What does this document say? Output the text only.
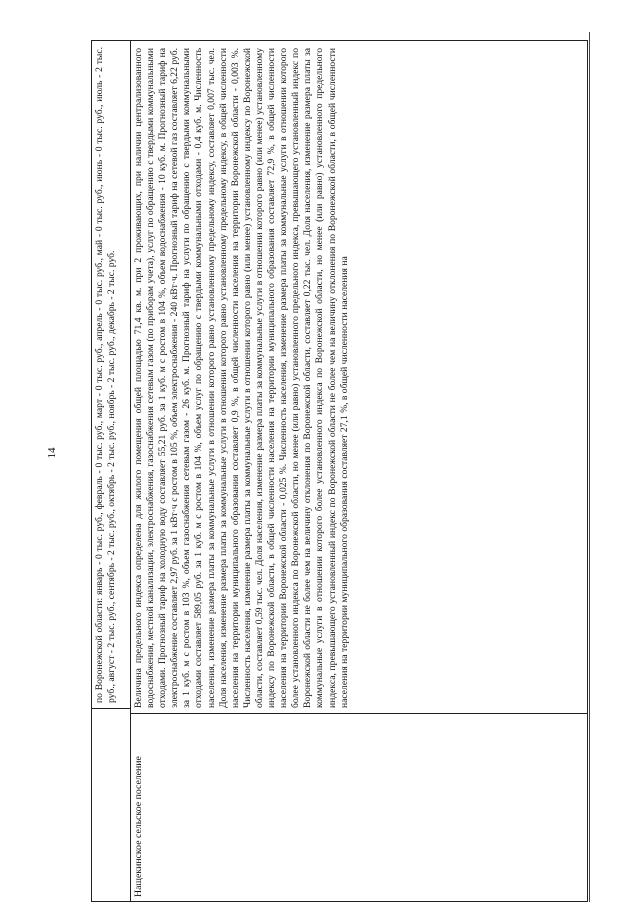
14	по Воронежской области: январь - 0 тыс. руб., февраль - 0 тыс. руб., март - 0 тыс. руб., апрель - 0 тыс. руб., май - 0 тыс. руб., июнь - 0 тыс. руб., июль - 2 тыс. руб., август - 2 тыс. руб., сентябрь - 2 тыс. руб., октябрь - 2 тыс. руб., ноябрь - 2 тыс. руб., декабрь - 2 тыс. руб.
Нащекинское сельское поселение
Величина предельного индекса определена для жилого помещения общей площадью 71,4 кв. м. при 2 проживающих, при наличии централизованного водоснабжения, местной канализации, электроснабжения, газоснабжения сетевым газом (по приборам учета), услуг по обращению с твердыми коммунальными отходами. Прогнозный тариф на холодную воду составляет 55,21 руб. за 1 куб. м с ростом в 104 %, объем водоснабжения - 10 куб. м. Прогнозный тариф на электроснабжение составляет 2,97 руб. за 1 кВт·ч с ростом в 105 %, объем электроснабжения - 240 кВт·ч. Прогнозный тариф на сетевой газ составляет 6,22 руб. за 1 куб. м с ростом в 103 %, объем газоснабжения сетевым газом - 26 куб. м. Прогнозный тариф на услуги по обращению с твердыми коммунальными отходами составляет 589,05 руб. за 1 куб. м с ростом в 104 %, объем услуг по обращению с твердыми коммунальными отходами - 0,4 куб. м. Численность населения, изменение размера платы за коммунальные услуги в отношении которого равно установленному предельному индексу, составляет 0,007 тыс. чел. Доля населения, изменение размера платы за коммунальные услуги в отношении которого равно установленному предельному индексу, в общей численности населения на территории муниципального образования составляет 0,9 %, в общей численности населения на территории Воронежской области - 0,003 %. Численность населения, изменение размера платы за коммунальные услуги в отношении которого равно (или менее) установленному индексу по Воронежской области, составляет 0,59 тыс. чел. Доля населения, изменение размера платы за коммунальные услуги в отношении которого равно (или менее) установленному индексу по Воронежской области, в общей численности населения на территории муниципального образования составляет 72,9 %, в общей численности населения на территории Воронежской области - 0,025 %. Численность населения, изменение размера платы за коммунальные услуги в отношении которого более установленного индекса по Воронежской области, но менее (или равно) установленного предельного индекса, превышающего установленный индекс по Воронежской области не более чем на величину отклонения по Воронежской области, составляет 0,22 тыс. чел. Доля населения, изменение размера платы за коммунальные услуги в отношении которого более установленного индекса по Воронежской области, но менее (или равно) установленного предельного индекса, превышающего установленный индекс по Воронежской области не более чем на величину отклонения по Воронежской области, в общей численности населения на территории муниципального образования составляет 27,1 %, в общей численности населения на
